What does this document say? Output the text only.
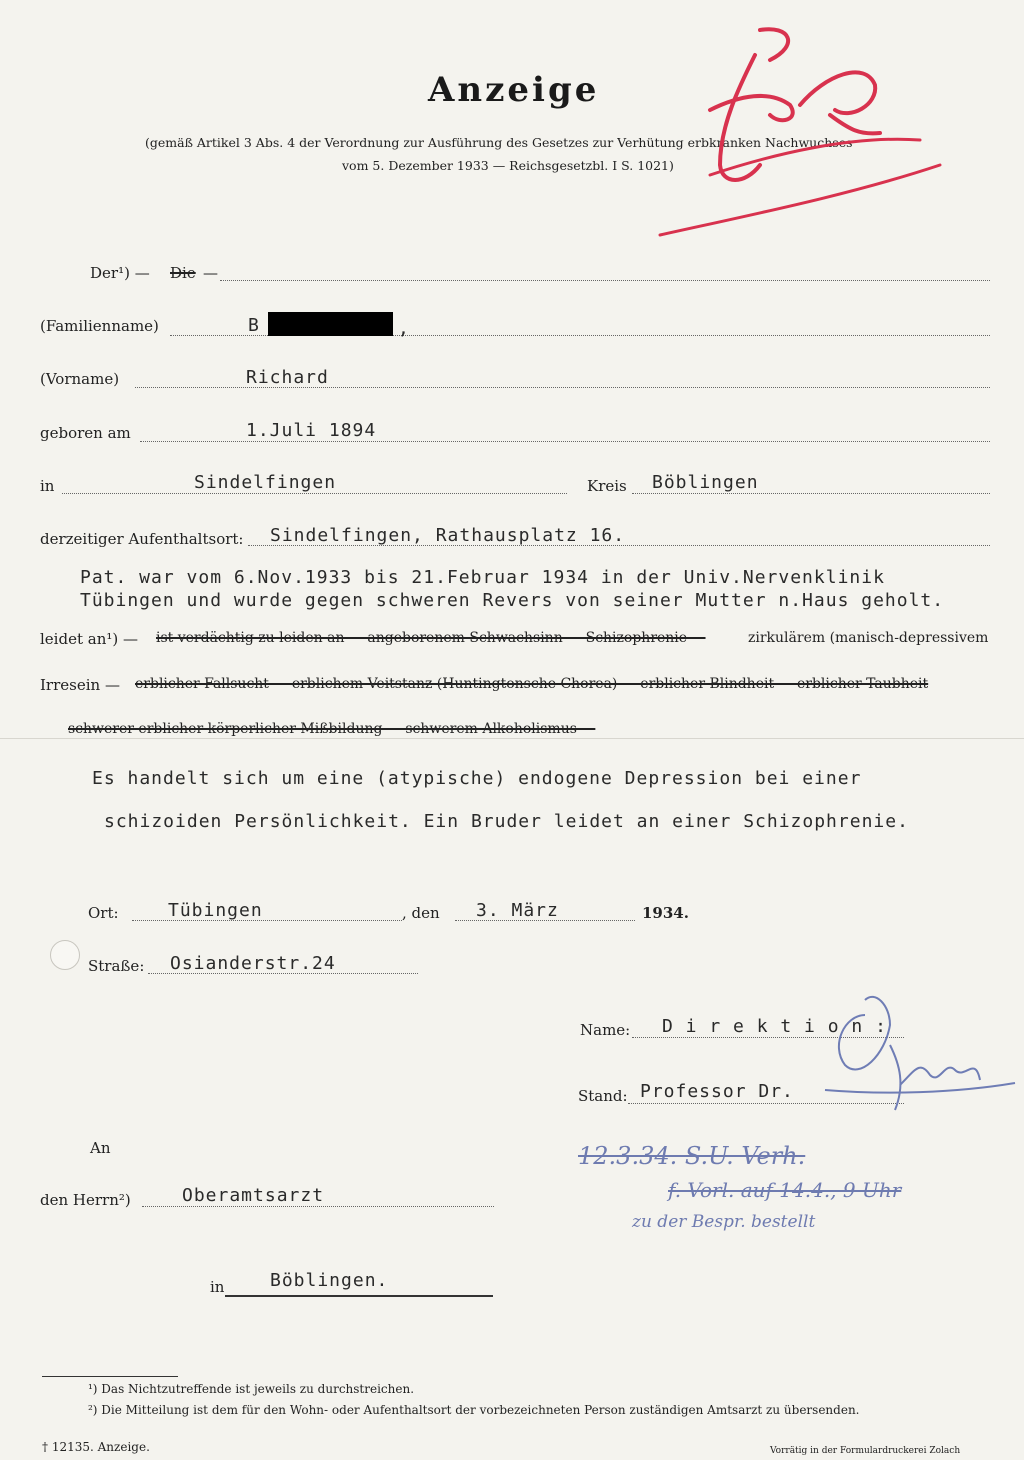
Anzeige
(gemäß Artikel 3 Abs. 4 der Verordnung zur Ausführung des Gesetzes zur Verhütung erbkranken Nachwuchses
vom 5. Dezember 1933 — Reichsgesetzbl. I S. 1021)
Der¹) — Die —
(Familienname)	B	,
(Vorname)	Richard
geboren am	1.Juli 1894
in	Sindelfingen	Kreis Böblingen
derzeitiger Aufenthaltsort: Sindelfingen, Rathausplatz 16.
Pat. war vom 6.Nov.1933 bis 21.Februar 1934 in der Univ.Nervenklinik
Tübingen und wurde gegen schweren Revers von seiner Mutter n.Haus geholt.
leidet an¹) — ist verdächtig zu leiden an — angeborenem Schwachsinn — Schizophrenie —	zirkulärem (manisch-depressivem
Irresein — erblicher Fallsucht — erblichem Veitstanz (Huntingtonsche Chorea) — erblicher Blindheit — erblicher Taubheit
schwerer erblicher körperlicher Mißbildung — schwerem Alkoholismus —
Es handelt sich um eine (atypische) endogene Depression bei einer
schizoiden Persönlichkeit. Ein Bruder leidet an einer Schizophrenie.
Ort:	Tübingen	, den 3. März	1934.
Straße: Osianderstr.24
Name: D i r e k t i o n :
Stand: Professor Dr.
An
den Herrn²)	Oberamtsarzt
in	Böblingen.
12.3.34. S.U. Verh.
f. Vorl. auf 14.4., 9 Uhr
zu der Bespr. bestellt
¹) Das Nichtzutreffende ist jeweils zu durchstreichen.
²) Die Mitteilung ist dem für den Wohn- oder Aufenthaltsort der vorbezeichneten Person zuständigen Amtsarzt zu übersenden.
† 12135. Anzeige.	Vorrätig in der Formulardruckerei Zolach
